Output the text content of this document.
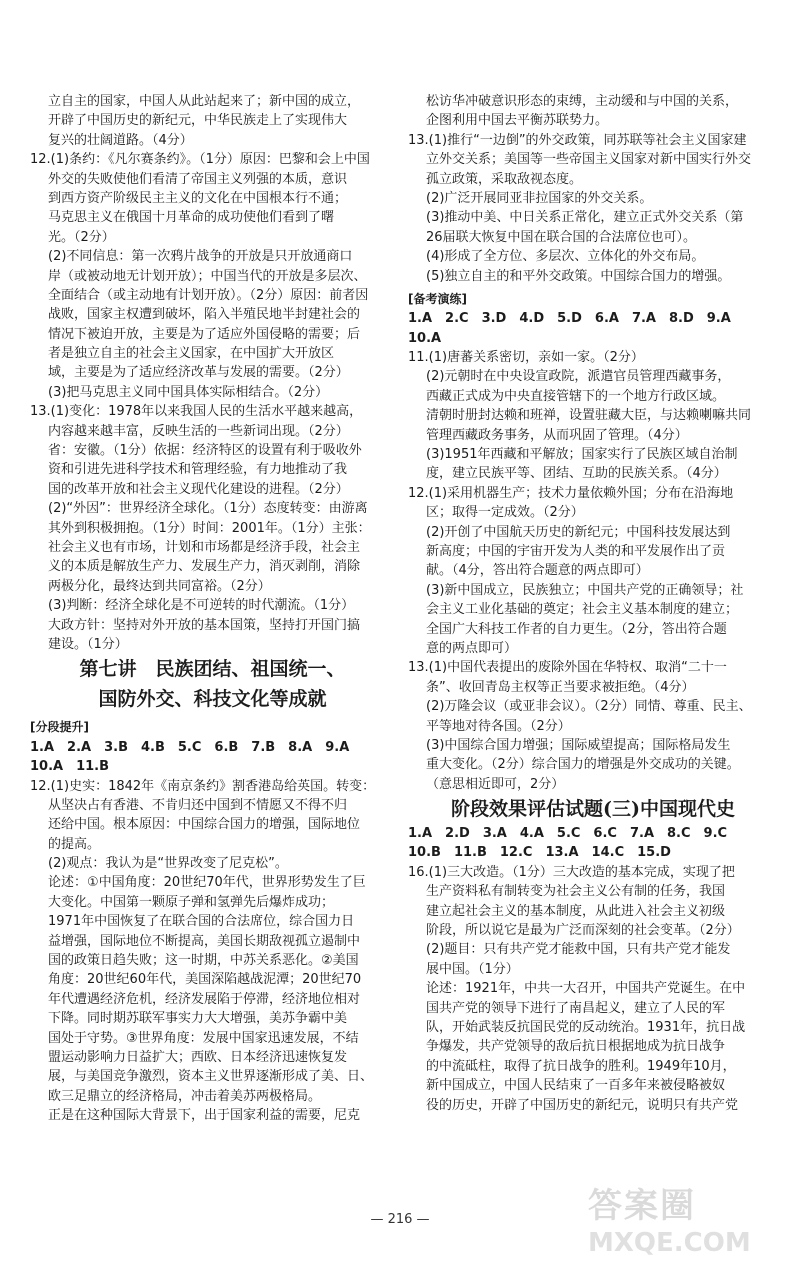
立自主的国家，中国人从此站起来了；新中国的成立，
开辟了中国历史的新纪元，中华民族走上了实现伟大
复兴的壮阔道路。（4分）
12.(1)条约：《凡尔赛条约》。（1分）原因：巴黎和会上中国
外交的失败使他们看清了帝国主义列强的本质，意识
到西方资产阶级民主主义的文化在中国根本行不通；
马克思主义在俄国十月革命的成功使他们看到了曙
光。（2分）
(2)不同信息：第一次鸦片战争的开放是只开放通商口
岸（或被动地无计划开放）；中国当代的开放是多层次、
全面结合（或主动地有计划开放）。（2分）原因：前者因
战败，国家主权遭到破坏，陷入半殖民地半封建社会的
情况下被迫开放，主要是为了适应外国侵略的需要；后
者是独立自主的社会主义国家，在中国扩大开放区
域，主要是为了适应经济改革与发展的需要。（2分）
(3)把马克思主义同中国具体实际相结合。（2分）
13.(1)变化：1978年以来我国人民的生活水平越来越高，
内容越来越丰富，反映生活的一些新词出现。（2分）
省：安徽。（1分）依据：经济特区的设置有利于吸收外
资和引进先进科学技术和管理经验，有力地推动了我
国的改革开放和社会主义现代化建设的进程。（2分）
(2)“外因”：世界经济全球化。（1分）态度转变：由游离
其外到积极拥抱。（1分）时间：2001年。（1分）主张：
社会主义也有市场，计划和市场都是经济手段，社会主
义的本质是解放生产力、发展生产力，消灭剥削，消除
两极分化，最终达到共同富裕。（2分）
(3)判断：经济全球化是不可逆转的时代潮流。（1分）
大政方针：坚持对外开放的基本国策，坚持打开国门搞
建设。（1分）
第七讲　民族团结、祖国统一、
国防外交、科技文化等成就
[分段提升]
1.A　2.A　3.B　4.B　5.C　6.B　7.B　8.A　9.A
10.A　11.B
12.(1)史实：1842年《南京条约》割香港岛给英国。转变：
从坚决占有香港、不肯归还中国到不情愿又不得不归
还给中国。根本原因：中国综合国力的增强，国际地位
的提高。
(2)观点：我认为是“世界改变了尼克松”。
论述：①中国角度：20世纪70年代，世界形势发生了巨
大变化。中国第一颗原子弹和氢弹先后爆炸成功；
1971年中国恢复了在联合国的合法席位，综合国力日
益增强，国际地位不断提高，美国长期敌视孤立遏制中
国的政策日趋失败；这一时期，中苏关系恶化。②美国
角度：20世纪60年代，美国深陷越战泥潭；20世纪70
年代遭遇经济危机，经济发展陷于停滞，经济地位相对
下降。同时期苏联军事实力大大增强，美苏争霸中美
国处于守势。③世界角度：发展中国家迅速发展，不结
盟运动影响力日益扩大；西欧、日本经济迅速恢复发
展，与美国竞争激烈，资本主义世界逐渐形成了美、日、
欧三足鼎立的经济格局，冲击着美苏两极格局。
正是在这种国际大背景下，出于国家利益的需要，尼克
松访华冲破意识形态的束缚，主动缓和与中国的关系，
企图利用中国去平衡苏联势力。
13.(1)推行“一边倒”的外交政策，同苏联等社会主义国家建
立外交关系；美国等一些帝国主义国家对新中国实行外交
孤立政策，采取敌视态度。
(2)广泛开展同亚非拉国家的外交关系。
(3)推动中美、中日关系正常化，建立正式外交关系（第
26届联大恢复中国在联合国的合法席位也可）。
(4)形成了全方位、多层次、立体化的外交布局。
(5)独立自主的和平外交政策。中国综合国力的增强。
[备考演练]
1.A　2.C　3.D　4.D　5.D　6.A　7.A　8.D　9.A
10.A
11.(1)唐蕃关系密切，亲如一家。（2分）
(2)元朝时在中央设宣政院，派遣官员管理西藏事务，
西藏正式成为中央直接管辖下的一个地方行政区域。
清朝时册封达赖和班禅，设置驻藏大臣，与达赖喇嘛共同
管理西藏政务事务，从而巩固了管理。（4分）
(3)1951年西藏和平解放；国家实行了民族区域自治制
度，建立民族平等、团结、互助的民族关系。（4分）
12.(1)采用机器生产；技术力量依赖外国；分布在沿海地
区；取得一定成效。（2分）
(2)开创了中国航天历史的新纪元；中国科技发展达到
新高度；中国的宇宙开发为人类的和平发展作出了贡
献。（4分，答出符合题意的两点即可）
(3)新中国成立，民族独立；中国共产党的正确领导；社
会主义工业化基础的奠定；社会主义基本制度的建立；
全国广大科技工作者的自力更生。（2分，答出符合题
意的两点即可）
13.(1)中国代表提出的废除外国在华特权、取消“二十一
条”、收回青岛主权等正当要求被拒绝。（4分）
(2)万隆会议（或亚非会议）。（2分）同情、尊重、民主、
平等地对待各国。（2分）
(3)中国综合国力增强；国际威望提高；国际格局发生
重大变化。（2分）综合国力的增强是外交成功的关键。
（意思相近即可，2分）
阶段效果评估试题(三)中国现代史
1.A　2.D　3.A　4.A　5.C　6.C　7.A　8.C　9.C
10.B　11.B　12.C　13.A　14.C　15.D
16.(1)三大改造。（1分）三大改造的基本完成，实现了把
生产资料私有制转变为社会主义公有制的任务，我国
建立起社会主义的基本制度，从此进入社会主义初级
阶段，所以说它是最为广泛而深刻的社会变革。（2分）
(2)题目：只有共产党才能救中国，只有共产党才能发
展中国。（1分）
论述：1921年，中共一大召开，中国共产党诞生。在中
国共产党的领导下进行了南昌起义，建立了人民的军
队，开始武装反抗国民党的反动统治。1931年，抗日战
争爆发，共产党领导的敌后抗日根据地成为抗日战争
的中流砥柱，取得了抗日战争的胜利。1949年10月，
新中国成立，中国人民结束了一百多年来被侵略被奴
役的历史，开辟了中国历史的新纪元，说明只有共产党
— 216 —	答案圈
MXQE.COM
